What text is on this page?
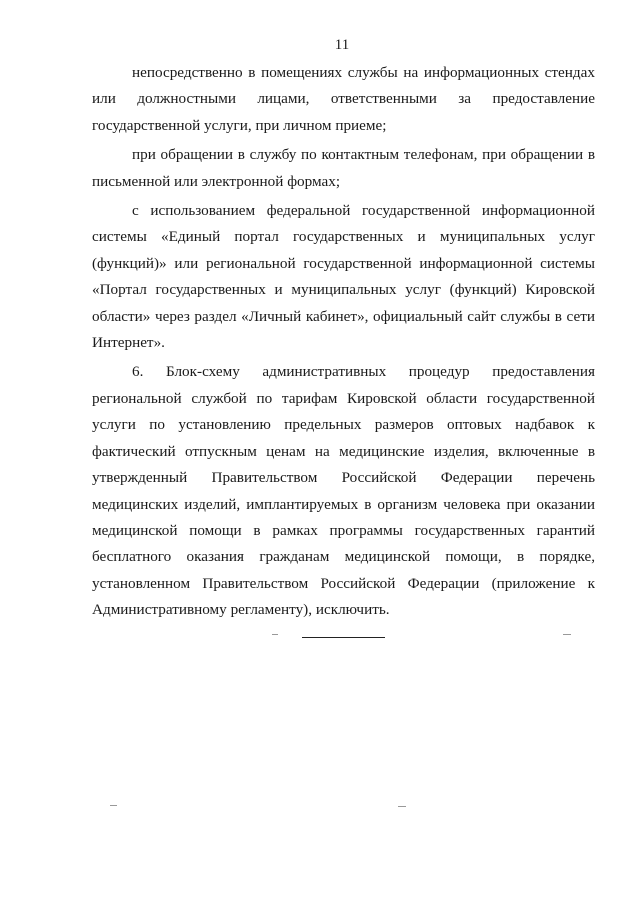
11

непосредственно в помещениях службы на информационных стендах или должностными лицами, ответственными за предоставление государственной услуги, при личном приеме;

при обращении в службу по контактным телефонам, при обращении в письменной или электронной формах;

с использованием федеральной государственной информационной системы «Единый портал государственных и муниципальных услуг (функций)» или региональной государственной информационной системы «Портал государственных и муниципальных услуг (функций) Кировской области» через раздел «Личный кабинет», официальный сайт службы в сети Интернет».

6. Блок-схему административных процедур предоставления региональной службой по тарифам Кировской области государственной услуги по установлению предельных размеров оптовых надбавок к фактический отпускным ценам на медицинские изделия, включенные в утвержденный Правительством Российской Федерации перечень медицинских изделий, имплантируемых в организм человека при оказании медицинской помощи в рамках программы государственных гарантий бесплатного оказания гражданам медицинской помощи, в порядке, установленном Правительством Российской Федерации (приложение к Административному регламенту), исключить.
